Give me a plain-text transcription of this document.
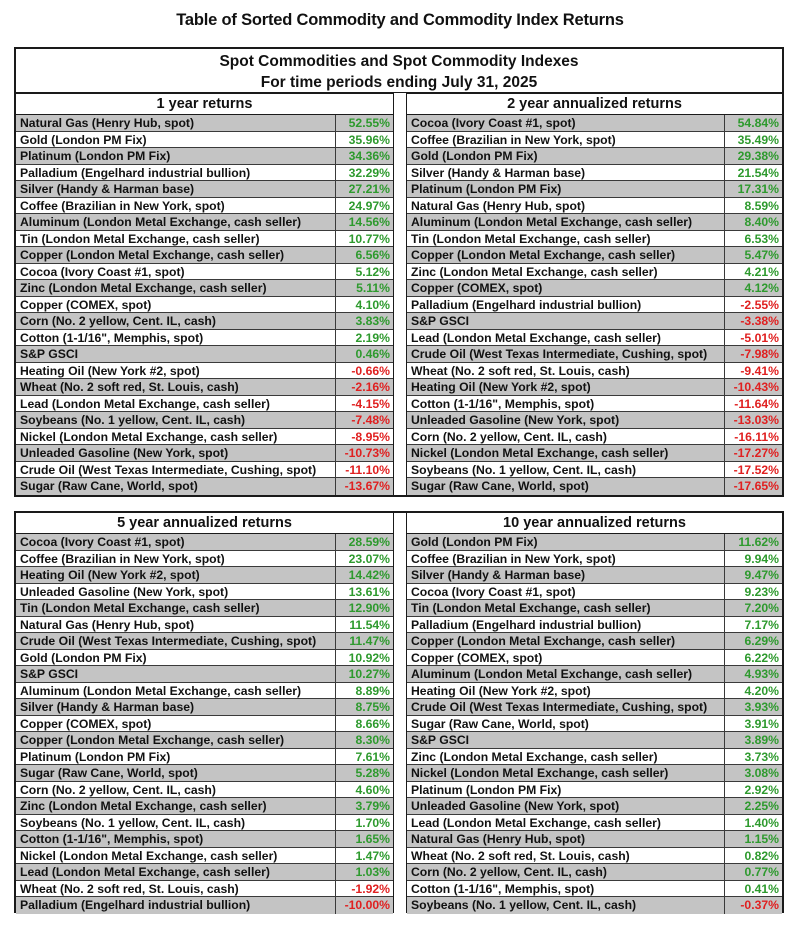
Table of Sorted Commodity and Commodity Index Returns
Spot Commodities and Spot Commodity Indexes
For time periods ending July 31, 2025
1 year returns
Natural Gas (Henry Hub, spot)	52.55%
Gold (London PM Fix)	35.96%
Platinum (London PM Fix)	34.36%
Palladium (Engelhard industrial bullion)	32.29%
Silver (Handy & Harman base)	27.21%
Coffee (Brazilian in New York, spot)	24.97%
Aluminum (London Metal Exchange, cash seller)	14.56%
Tin (London Metal Exchange, cash seller)	10.77%
Copper (London Metal Exchange, cash seller)	6.56%
Cocoa (Ivory Coast #1, spot)	5.12%
Zinc (London Metal Exchange, cash seller)	5.11%
Copper (COMEX, spot)	4.10%
Corn (No. 2 yellow, Cent. IL, cash)	3.83%
Cotton (1-1/16", Memphis, spot)	2.19%
S&P GSCI	0.46%
Heating Oil (New York #2, spot)	-0.66%
Wheat (No. 2 soft red, St. Louis, cash)	-2.16%
Lead (London Metal Exchange, cash seller)	-4.15%
Soybeans (No. 1 yellow, Cent. IL, cash)	-7.48%
Nickel (London Metal Exchange, cash seller)	-8.95%
Unleaded Gasoline (New York, spot)	-10.73%
Crude Oil (West Texas Intermediate, Cushing, spot)	-11.10%
Sugar (Raw Cane, World, spot)	-13.67%
2 year annualized returns
Cocoa (Ivory Coast #1, spot)	54.84%
Coffee (Brazilian in New York, spot)	35.49%
Gold (London PM Fix)	29.38%
Silver (Handy & Harman base)	21.54%
Platinum (London PM Fix)	17.31%
Natural Gas (Henry Hub, spot)	8.59%
Aluminum (London Metal Exchange, cash seller)	8.40%
Tin (London Metal Exchange, cash seller)	6.53%
Copper (London Metal Exchange, cash seller)	5.47%
Zinc (London Metal Exchange, cash seller)	4.21%
Copper (COMEX, spot)	4.12%
Palladium (Engelhard industrial bullion)	-2.55%
S&P GSCI	-3.38%
Lead (London Metal Exchange, cash seller)	-5.01%
Crude Oil (West Texas Intermediate, Cushing, spot)	-7.98%
Wheat (No. 2 soft red, St. Louis, cash)	-9.41%
Heating Oil (New York #2, spot)	-10.43%
Cotton (1-1/16", Memphis, spot)	-11.64%
Unleaded Gasoline (New York, spot)	-13.03%
Corn (No. 2 yellow, Cent. IL, cash)	-16.11%
Nickel (London Metal Exchange, cash seller)	-17.27%
Soybeans (No. 1 yellow, Cent. IL, cash)	-17.52%
Sugar (Raw Cane, World, spot)	-17.65%
5 year annualized returns
Cocoa (Ivory Coast #1, spot)	28.59%
Coffee (Brazilian in New York, spot)	23.07%
Heating Oil (New York #2, spot)	14.42%
Unleaded Gasoline (New York, spot)	13.61%
Tin (London Metal Exchange, cash seller)	12.90%
Natural Gas (Henry Hub, spot)	11.54%
Crude Oil (West Texas Intermediate, Cushing, spot)	11.47%
Gold (London PM Fix)	10.92%
S&P GSCI	10.27%
Aluminum (London Metal Exchange, cash seller)	8.89%
Silver (Handy & Harman base)	8.75%
Copper (COMEX, spot)	8.66%
Copper (London Metal Exchange, cash seller)	8.30%
Platinum (London PM Fix)	7.61%
Sugar (Raw Cane, World, spot)	5.28%
Corn (No. 2 yellow, Cent. IL, cash)	4.60%
Zinc (London Metal Exchange, cash seller)	3.79%
Soybeans (No. 1 yellow, Cent. IL, cash)	1.70%
Cotton (1-1/16", Memphis, spot)	1.65%
Nickel (London Metal Exchange, cash seller)	1.47%
Lead (London Metal Exchange, cash seller)	1.03%
Wheat (No. 2 soft red, St. Louis, cash)	-1.92%
Palladium (Engelhard industrial bullion)	-10.00%
10 year annualized returns
Gold (London PM Fix)	11.62%
Coffee (Brazilian in New York, spot)	9.94%
Silver (Handy & Harman base)	9.47%
Cocoa (Ivory Coast #1, spot)	9.23%
Tin (London Metal Exchange, cash seller)	7.20%
Palladium (Engelhard industrial bullion)	7.17%
Copper (London Metal Exchange, cash seller)	6.29%
Copper (COMEX, spot)	6.22%
Aluminum (London Metal Exchange, cash seller)	4.93%
Heating Oil (New York #2, spot)	4.20%
Crude Oil (West Texas Intermediate, Cushing, spot)	3.93%
Sugar (Raw Cane, World, spot)	3.91%
S&P GSCI	3.89%
Zinc (London Metal Exchange, cash seller)	3.73%
Nickel (London Metal Exchange, cash seller)	3.08%
Platinum (London PM Fix)	2.92%
Unleaded Gasoline (New York, spot)	2.25%
Lead (London Metal Exchange, cash seller)	1.40%
Natural Gas (Henry Hub, spot)	1.15%
Wheat (No. 2 soft red, St. Louis, cash)	0.82%
Corn (No. 2 yellow, Cent. IL, cash)	0.77%
Cotton (1-1/16", Memphis, spot)	0.41%
Soybeans (No. 1 yellow, Cent. IL, cash)	-0.37%
